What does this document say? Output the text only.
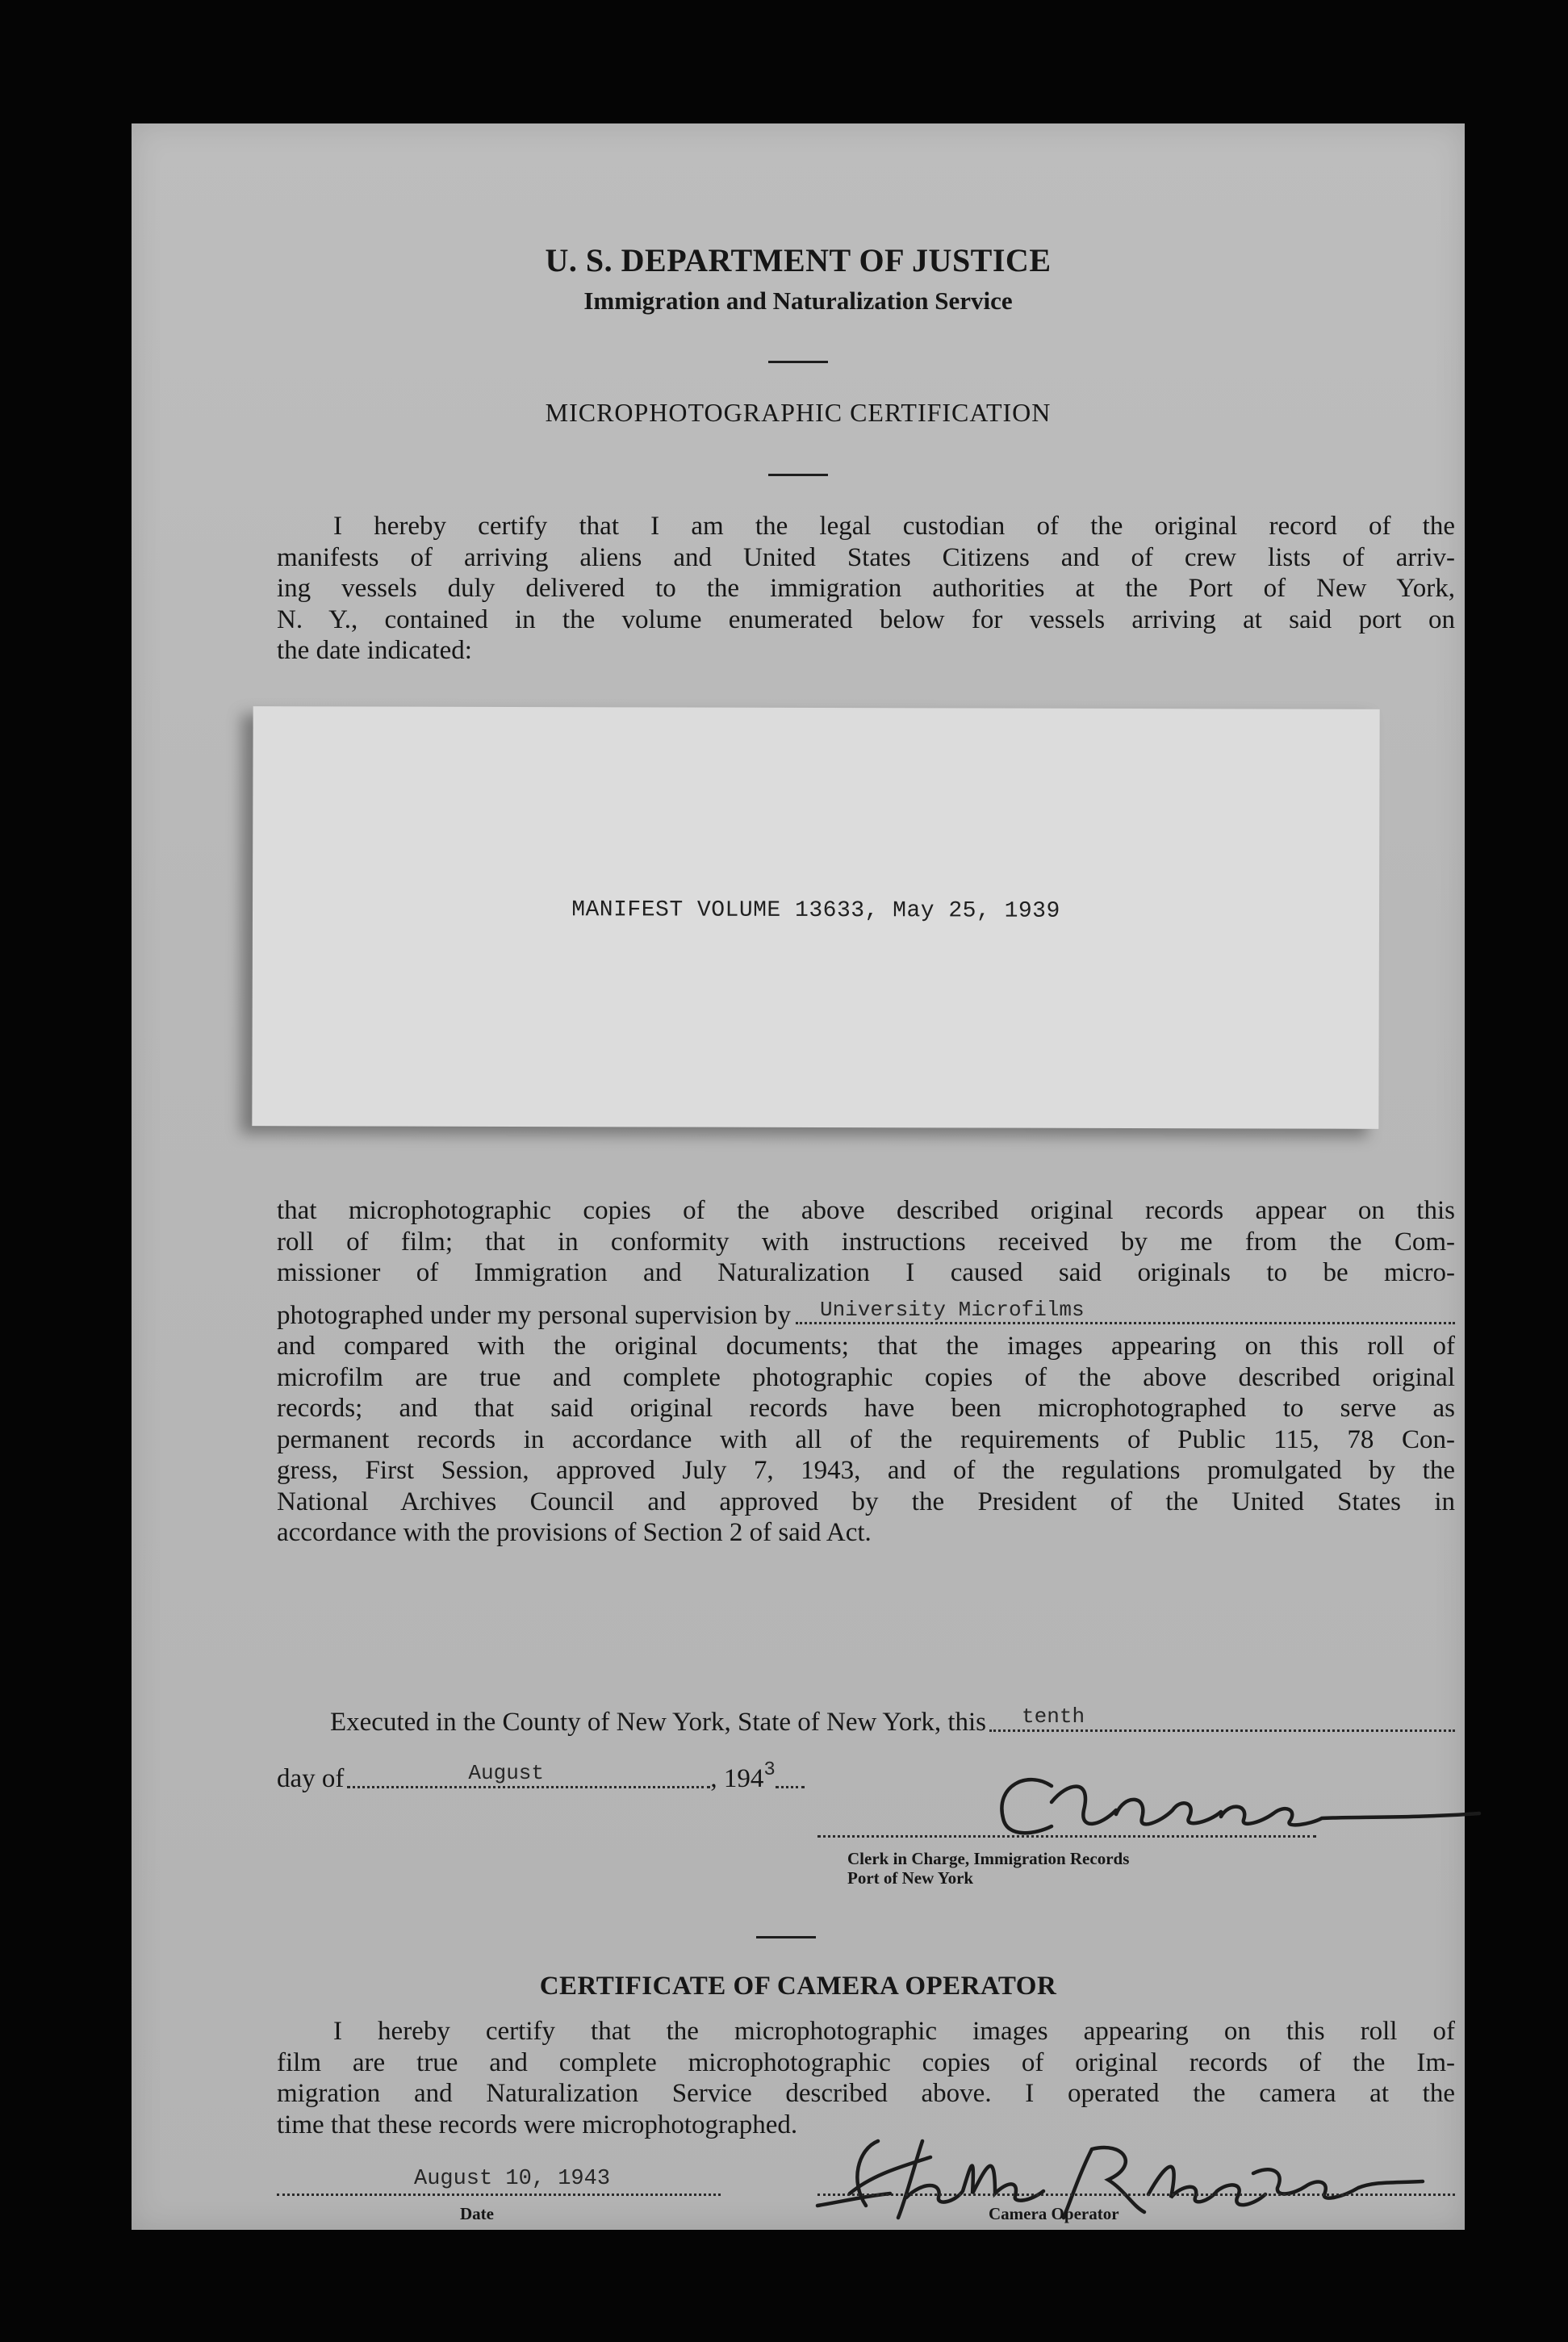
U. S. DEPARTMENT OF JUSTICE
Immigration and Naturalization Service
MICROPHOTOGRAPHIC CERTIFICATION
I hereby certify that I am the legal custodian of the original record of the
manifests of arriving aliens and United States Citizens and of crew lists of arriv-
ing vessels duly delivered to the immigration authorities at the Port of New York,
N. Y., contained in the volume enumerated below for vessels arriving at said port on
the date indicated:
MANIFEST VOLUME 13633, May 25, 1939
that microphotographic copies of the above described original records appear on this
roll of film; that in conformity with instructions received by me from the Com-
missioner of Immigration and Naturalization I caused said originals to be micro-
photographed under my personal supervision by University Microfilms
and compared with the original documents; that the images appearing on this roll of
microfilm are true and complete photographic copies of the above described original
records; and that said original records have been microphotographed to serve as
permanent records in accordance with all of the requirements of Public 115, 78 Con-
gress, First Session, approved July 7, 1943, and of the regulations promulgated by the
National Archives Council and approved by the President of the United States in
accordance with the provisions of Section 2 of said Act.
Executed in the County of New York, State of New York, this tenth
day of	August	, 194 3
Clerk in Charge, Immigration Records
Port of New York
CERTIFICATE OF CAMERA OPERATOR
I hereby certify that the microphotographic images appearing on this roll of
film are true and complete microphotographic copies of original records of the Im-
migration and Naturalization Service described above. I operated the camera at the
time that these records were microphotographed.
August 10, 1943
Date	Camera Operator
